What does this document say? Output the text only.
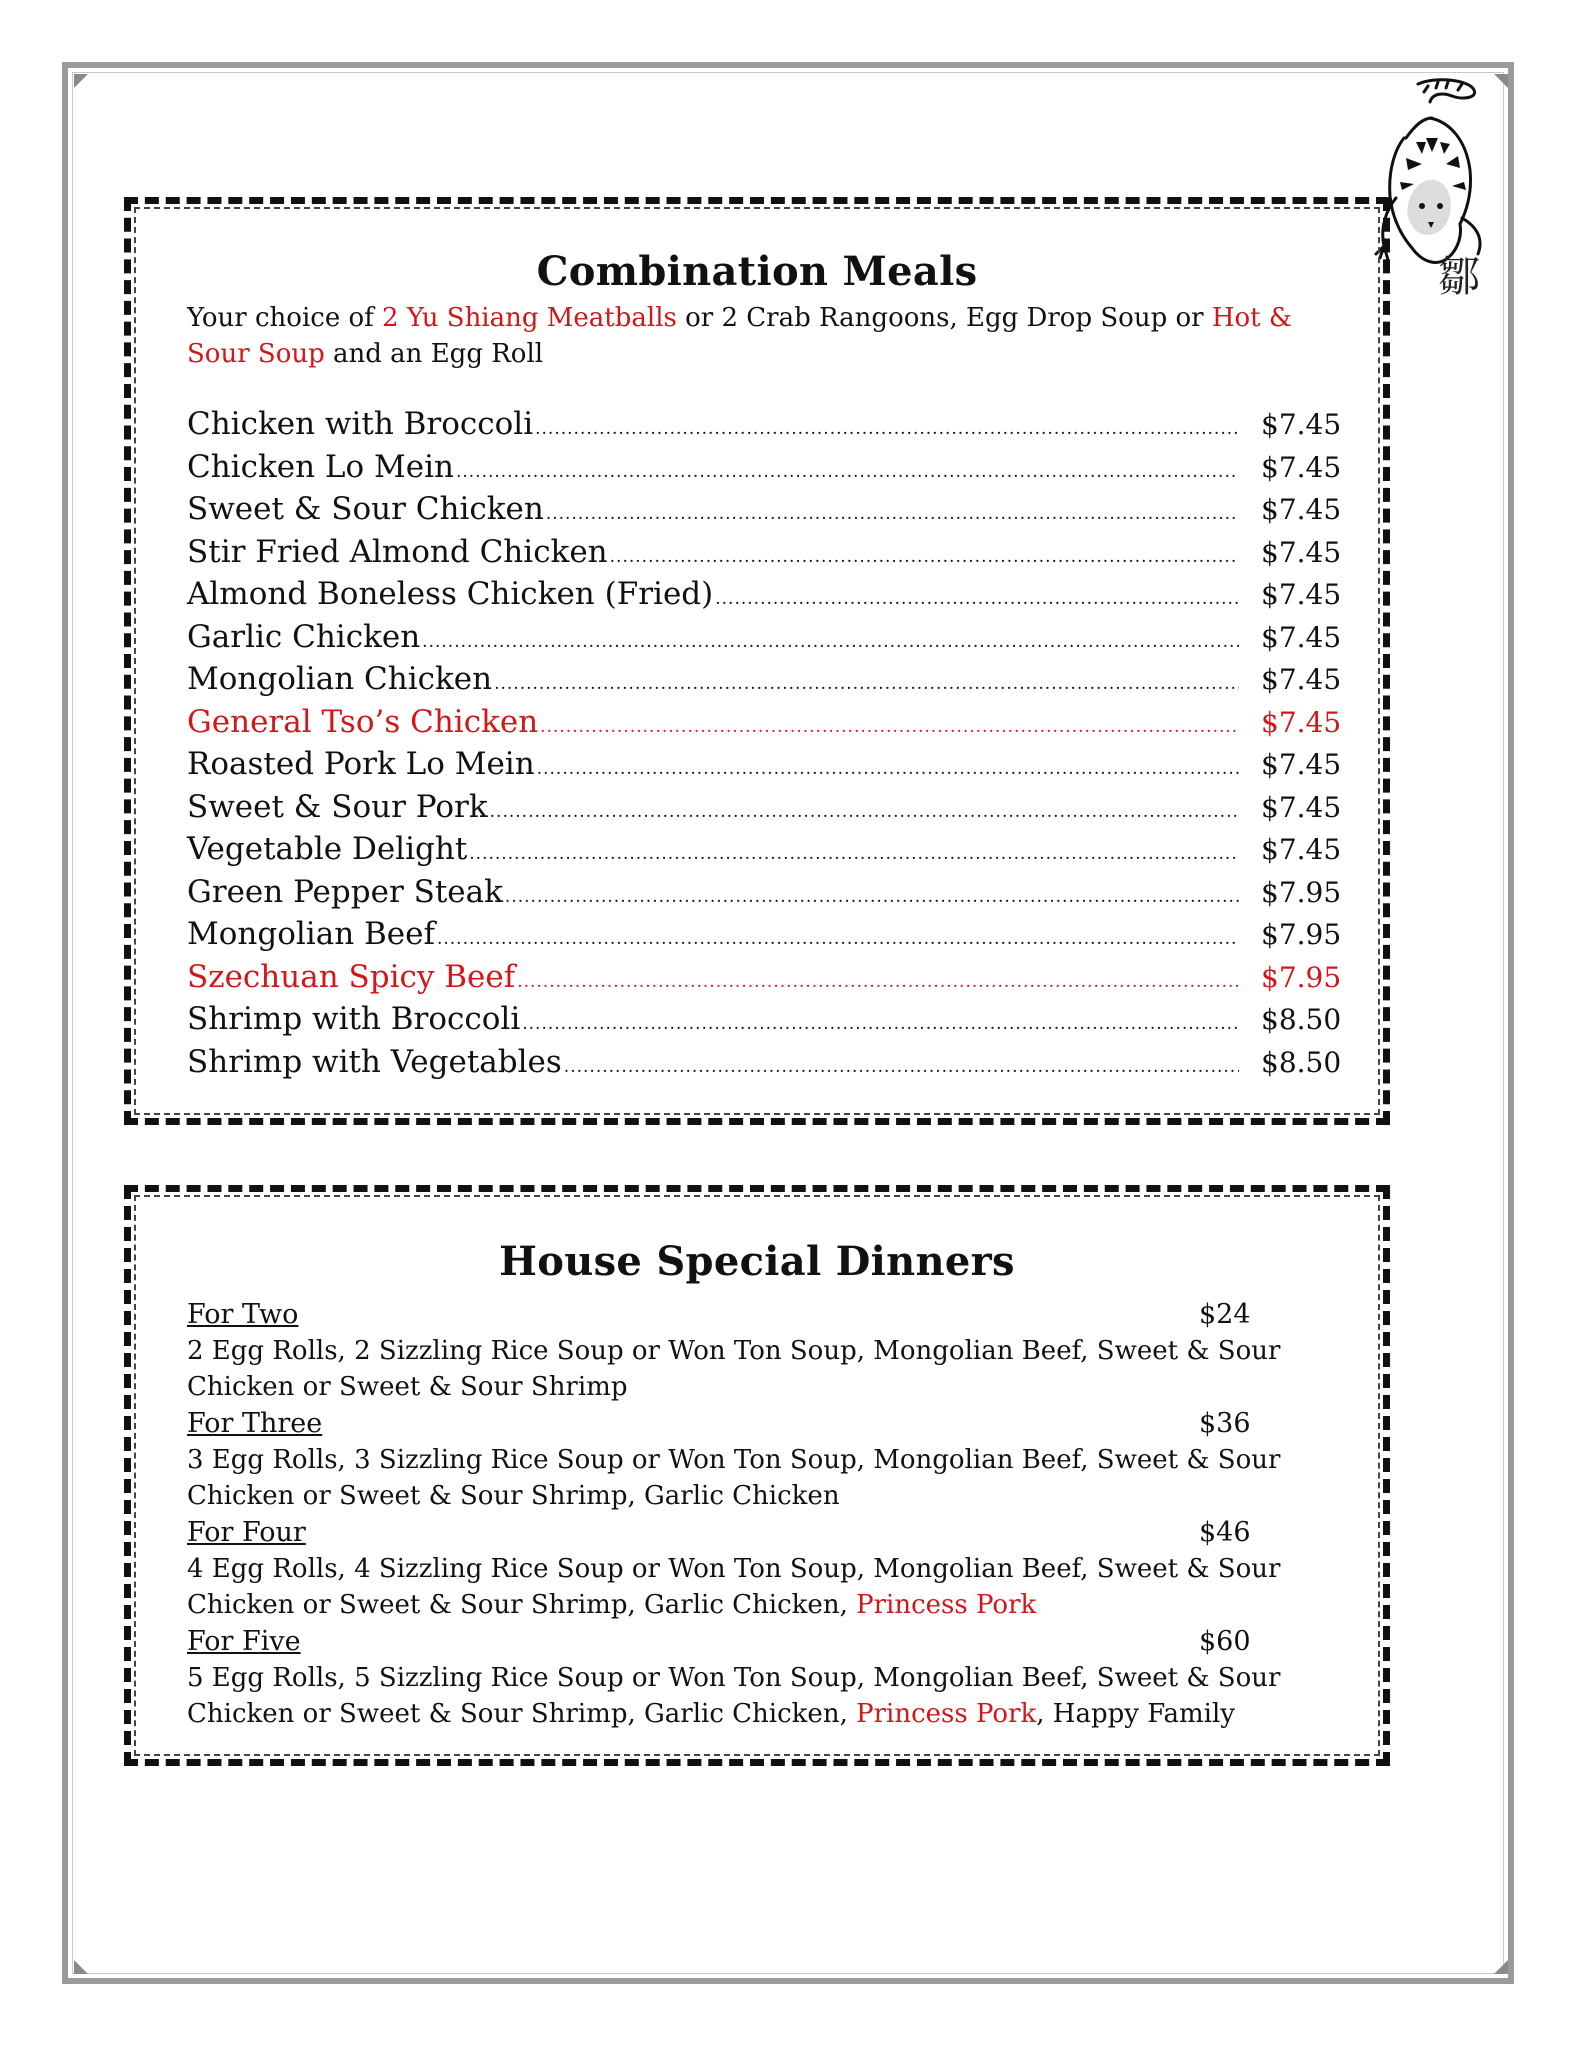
鄒
Combination Meals
Your choice of 2 Yu Shiang Meatballs or 2 Crab Rangoons, Egg Drop Soup or Hot & Sour Soup and an Egg Roll
Chicken with Broccoli .....	$7.45
Chicken Lo Mein .....	$7.45
Sweet & Sour Chicken .....	$7.45
Stir Fried Almond Chicken .....	$7.45
Almond Boneless Chicken (Fried) .....	$7.45
Garlic Chicken .....	$7.45
Mongolian Chicken .....	$7.45
General Tso’s Chicken .....	$7.45
Roasted Pork Lo Mein .....	$7.45
Sweet & Sour Pork .....	$7.45
Vegetable Delight .....	$7.45
Green Pepper Steak .....	$7.95
Mongolian Beef .....	$7.95
Szechuan Spicy Beef .....	$7.95
Shrimp with Broccoli .....	$8.50
Shrimp with Vegetables .....	$8.50
House Special Dinners
For Two	$24
2 Egg Rolls, 2 Sizzling Rice Soup or Won Ton Soup, Mongolian Beef, Sweet & Sour Chicken or Sweet & Sour Shrimp
For Three	$36
3 Egg Rolls, 3 Sizzling Rice Soup or Won Ton Soup, Mongolian Beef, Sweet & Sour Chicken or Sweet & Sour Shrimp, Garlic Chicken
For Four	$46
4 Egg Rolls, 4 Sizzling Rice Soup or Won Ton Soup, Mongolian Beef, Sweet & Sour Chicken or Sweet & Sour Shrimp, Garlic Chicken, Princess Pork
For Five	$60
5 Egg Rolls, 5 Sizzling Rice Soup or Won Ton Soup, Mongolian Beef, Sweet & Sour Chicken or Sweet & Sour Shrimp, Garlic Chicken, Princess Pork, Happy Family
